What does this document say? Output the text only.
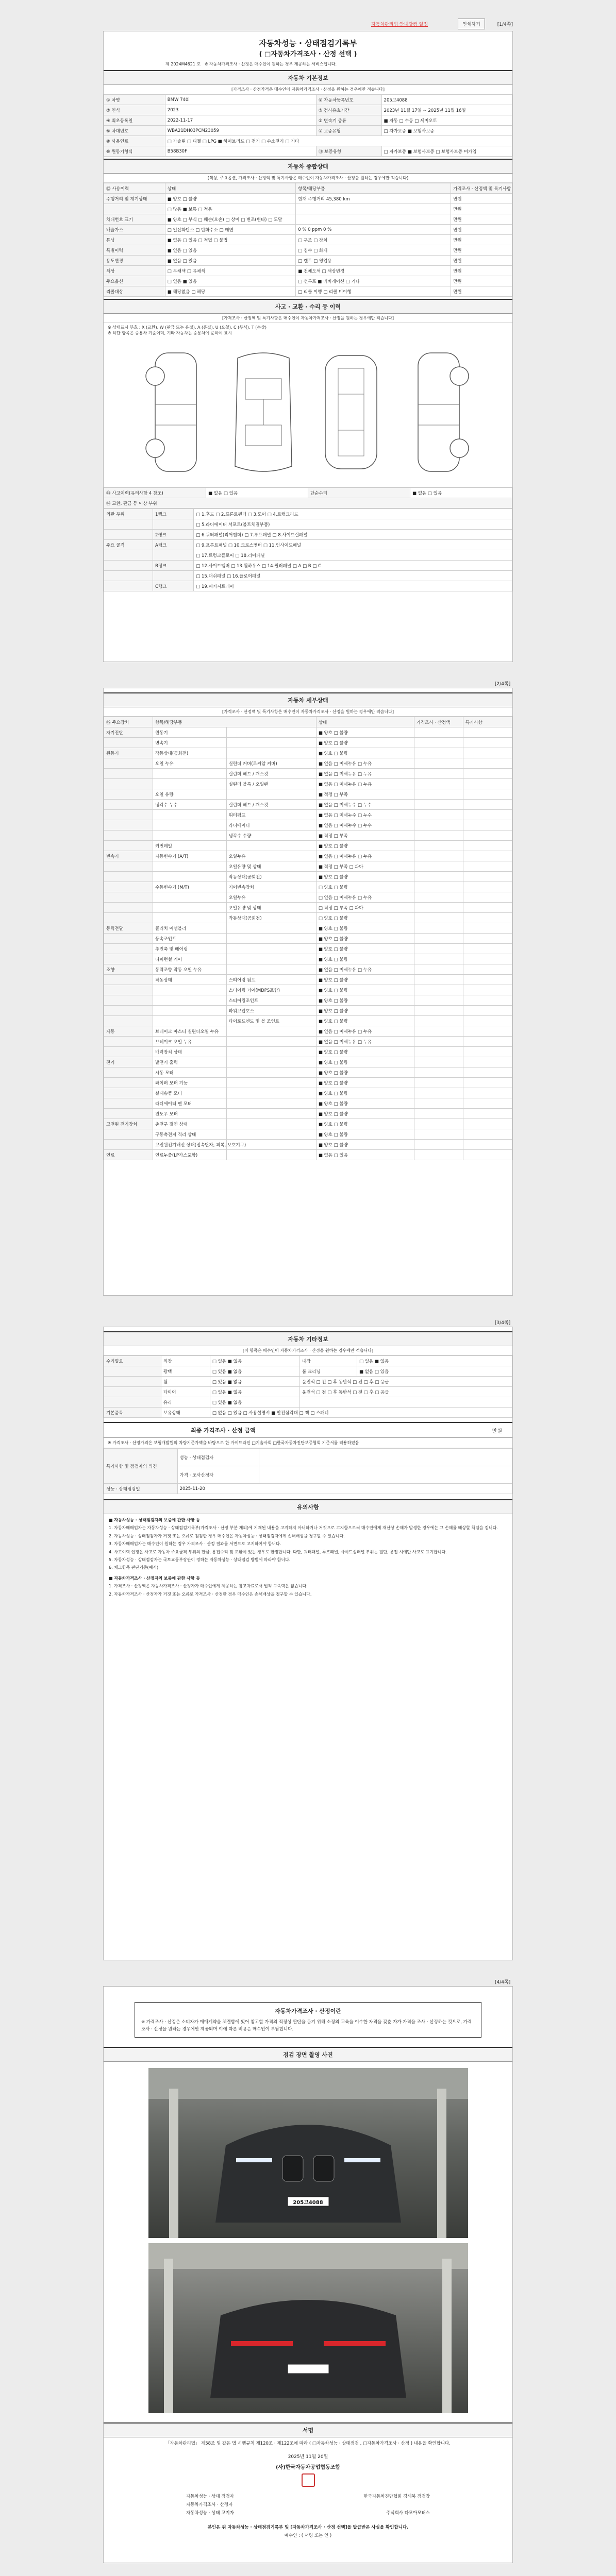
자동차관리법 안내닷컴 일정	인쇄하기	[1/4쪽]
자동차성능 · 상태점검기록부
( □자동차가격조사 · 산정 선택 )
제 2024M4621 호 ※ 자동차가격조사 · 산정은 매수인이 원하는 경우 제공하는 서비스입니다.
자동차 기본정보
[가격조사 · 산정가격은 매수인이 자동차가격조사 · 산정을 원하는 경우에만 적습니다]
① 차명	BMW 740i	⑨ 자동차등록번호	205고4088
② 연식	2023	③ 검사유효기간	2023년 11월 17일 ~ 2025년 11월 16일
④ 최초등록일	2022-11-17	⑤ 변속기 종류	■ 자동 □ 수동 □ 세미오토
⑥ 차대번호	WBA21DH03PCM23059	⑦ 보증유형	□ 자가보증 ■ 보험사보증
⑧ 사용연료	□ 가솔린 □ 디젤 □ LPG ■ 하이브리드 □ 전기 □ 수소전기 □ 기타		
⑩ 원동기형식	B58B30F	⑪ 보증유형	□ 자가보증 ■ 보험사보증 □ 보험사보증 미가입
자동차 종합상태
[색상, 주요옵션, 가격조사 · 산정액 및 특기사항은 매수인이 자동차가격조사 · 산정을 원하는 경우에만 적습니다]
⑫ 사용이력	상태	항목/해당부품	가격조사 · 산정액 및 특기사항
주행거리 및 계기상태	■ 양호 □ 불량	현재 주행거리 45,380 km	만원
	□ 많음 ■ 보통 □ 적음		만원
차대번호 표기	■ 양호 □ 부식 □ 훼손(오손) □ 상이 □ 변조(변타) □ 도말		만원
배출가스	□ 일산화탄소 □ 탄화수소 □ 매연	0 % 0 ppm 0 %	만원
튜닝	■ 없음 □ 있음 □ 적법 □ 불법	□ 구조 □ 장치	만원
특별이력	■ 없음 □ 있음	□ 침수 □ 화재	만원
용도변경	■ 없음 □ 있음	□ 렌트 □ 영업용	만원
색상	□ 무채색 □ 유채색	■ 전체도색 □ 색상변경	만원
주요옵션	□ 없음 ■ 있음	□ 선루프 ■ 네비게이션 □ 기타	만원
리콜대상	■ 해당없음 □ 해당	□ 리콜 이행 □ 리콜 미이행	만원
사고 · 교환 · 수리 등 이력
[가격조사 · 산정액 및 특기사항은 매수인이 자동차가격조사 · 산정을 원하는 경우에만 적습니다]
※ 상태표시 부호 : X (교환), W (판금 또는 용접), A (흠집), U (요철), C (부식), T (손상)
※ 하단 항목은 승용차 기준이며, 기타 자동차는 승용차에 준하여 표시
⑬ 사고이력(유의사항 4 참조)	■ 없음 □ 있음	단순수리	■ 없음 □ 있음
⑭ 교환, 판금 등 이상 부위
외판 부위	1랭크	□ 1.후드 □ 2.프론트펜더 □ 3.도어 □ 4.트렁크리드
		□ 5.라디에이터 서포트(볼트체결부품)
	2랭크	□ 6.쿼터패널(리어펜더) □ 7.루프패널 □ 8.사이드실패널
주요 골격	A랭크	□ 9.프론트패널 □ 10.크로스멤버 □ 11.인사이드패널
		□ 17.트렁크플로어 □ 18.리어패널
	B랭크	□ 12.사이드멤버 □ 13.휠하우스 □ 14.필러패널 □ A □ B □ C
		□ 15.대쉬패널 □ 16.플로어패널
	C랭크	□ 19.패키지트레이
[2/4쪽]
자동차 세부상태
[가격조사 · 산정액 및 특기사항은 매수인이 자동차가격조사 · 산정을 원하는 경우에만 적습니다]
⑮ 주요장치	항목/해당부품		상태	가격조사 · 산정액	특기사항
자기진단	원동기		■ 양호 □ 불량		
	변속기		■ 양호 □ 불량		
원동기	작동상태(공회전)		■ 양호 □ 불량		
	오일 누유	실린더 커버(로커암 커버)	■ 없음 □ 미세누유 □ 누유		
		실린더 헤드 / 개스킷	■ 없음 □ 미세누유 □ 누유		
		실린더 블록 / 오일팬	■ 없음 □ 미세누유 □ 누유		
	오일 유량		■ 적정 □ 부족		
	냉각수 누수	실린더 헤드 / 개스킷	■ 없음 □ 미세누수 □ 누수		
		워터펌프	■ 없음 □ 미세누수 □ 누수		
		라디에이터	■ 없음 □ 미세누수 □ 누수		
		냉각수 수량	■ 적정 □ 부족		
	커먼레일		■ 양호 □ 불량		
변속기	자동변속기 (A/T)	오일누유	■ 없음 □ 미세누유 □ 누유		
		오일유량 및 상태	■ 적정 □ 부족 □ 과다		
		작동상태(공회전)	■ 양호 □ 불량		
	수동변속기 (M/T)	기어변속장치	□ 양호 □ 불량		
		오일누유	□ 없음 □ 미세누유 □ 누유		
		오일유량 및 상태	□ 적정 □ 부족 □ 과다		
		작동상태(공회전)	□ 양호 □ 불량		
동력전달	클러치 어셈블리		■ 양호 □ 불량		
	등속조인트		■ 양호 □ 불량		
	추진축 및 베어링		■ 양호 □ 불량		
	디퍼런셜 기어		■ 양호 □ 불량		
조향	동력조향 작동 오일 누유		■ 없음 □ 미세누유 □ 누유		
	작동상태	스티어링 펌프	■ 양호 □ 불량		
		스티어링 기어(MDPS포함)	■ 양호 □ 불량		
		스티어링조인트	■ 양호 □ 불량		
		파워고압호스	■ 양호 □ 불량		
		타이로드엔드 및 볼 조인트	■ 양호 □ 불량		
제동	브레이크 마스터 실린더오일 누유		■ 없음 □ 미세누유 □ 누유		
	브레이크 오일 누유		■ 없음 □ 미세누유 □ 누유		
	배력장치 상태		■ 양호 □ 불량		
전기	발전기 출력		■ 양호 □ 불량		
	시동 모터		■ 양호 □ 불량		
	와이퍼 모터 기능		■ 양호 □ 불량		
	실내송풍 모터		■ 양호 □ 불량		
	라디에이터 팬 모터		■ 양호 □ 불량		
	윈도우 모터		■ 양호 □ 불량		
고전원 전기장치	충전구 절연 상태		■ 양호 □ 불량		
	구동축전지 격리 상태		■ 양호 □ 불량		
	고전원전기배선 상태(접속단자, 피복, 보호기구)		■ 양호 □ 불량		
연료	연료누출(LP가스포함)		■ 없음 □ 있음		
[3/4쪽]
자동차 기타정보
[이 항목은 매수인이 자동차가격조사 · 산정을 원하는 경우에만 적습니다]
수리필요	외장	□ 있음 ■ 없음	내장	□ 있음 ■ 없음
	광택	□ 있음 ■ 없음	룸 크리닝	■ 없음 □ 있음
	휠	□ 있음 ■ 없음	운전석 □ 전 □ 후 동반석 □ 전 □ 후 □ 응급	
	타이어	□ 있음 ■ 없음	운전석 □ 전 □ 후 동반석 □ 전 □ 후 □ 응급	
	유리	□ 있음 ■ 없음		
기본품목	보유상태	□ 없음 □ 있음 □ 사용설명서 ■ 안전삼각대 □ 잭 □ 스패너		
최종 가격조사 · 산정 금액	만원
※ 가격조사 · 산정가격은 보험개발원의 차량기준가액을 바탕으로 한 가이드라인 □기술사회 □한국자동차진단보증협회 기준서를 적용하였음
특기사항 및 점검자의 의견	성능 · 상태점검자	
	가격 · 조사산정자	
성능 · 상태점검일	2025-11-20	
유의사항

■ 자동차성능 · 상태점검자의 보증에 관한 사항 등

1. 자동차매매업자는 자동차성능 · 상태점검기록부(가격조사 · 산정 부분 제외)에 기재된 내용을 고지하지 아니하거나 거짓으로 고지함으로써 매수인에게 재산상 손해가 발생한 경우에는 그 손해를 배상할 책임을 집니다.

2. 자동차성능 · 상태점검자가 거짓 또는 오류로 점검한 경우 매수인은 자동차성능 · 상태점검자에게 손해배상을 청구할 수 있습니다.

3. 자동차매매업자는 매수인이 원하는 경우 가격조사 · 산정 결과를 서면으로 고지하여야 합니다.

4. 사고이력 인정은 사고로 자동차 주요골격 부위의 판금, 용접수리 및 교환이 있는 경우로 한정합니다. 다만, 쿼터패널, 루프패널, 사이드실패널 부위는 절단, 용접 시에만 사고로 표기합니다.

5. 자동차성능 · 상태점검자는 국토교통부장관이 정하는 자동차성능 · 상태점검 방법에 따라야 합니다.

6. 체크항목 판단기준(예시)

■ 자동차가격조사 · 산정자의 보증에 관한 사항 등

1. 가격조사 · 산정액은 자동차가격조사 · 산정자가 매수인에게 제공하는 참고자료로서 법적 구속력은 없습니다.

2. 자동차가격조사 · 산정자가 거짓 또는 오류로 가격조사 · 산정한 경우 매수인은 손해배상을 청구할 수 있습니다.

[4/4쪽]
자동차가격조사 · 산정이란
※ 가격조사 · 산정은 소비자가 매매계약을 체결함에 있어 참고할 가격의 적정성 판단을 돕기 위해 소정의 교육을 이수한 자격을 갖춘 자가 가격을 조사 · 산정하는 것으로, 가격조사 · 산정을 원하는 경우에만 제공되며 이에 따른 비용은 매수인이 부담합니다.
점검 장면 촬영 사진
205고4088
서명
「자동차관리법」 제58조 및 같은 법 시행규칙 제120조 · 제122조에 따라 ( □자동차성능 · 상태점검 , □자동차가격조사 · 산정 ) 내용을 확인합니다.
2025년 11월 20일
(사)한국자동차공업협동조합
자동차성능 · 상태 점검자	한국자동차진단협회 경세북 점검장
자동차가격조사 · 산정자
자동차성능 · 상태 고지자	주식회사 다모아모터스
본인은 위 자동차성능 · 상태점검기록부 및 [자동차가격조사 · 산정 선택]을 발급받은 사실을 확인합니다.
매수인 : ( 서명 또는 인 )
